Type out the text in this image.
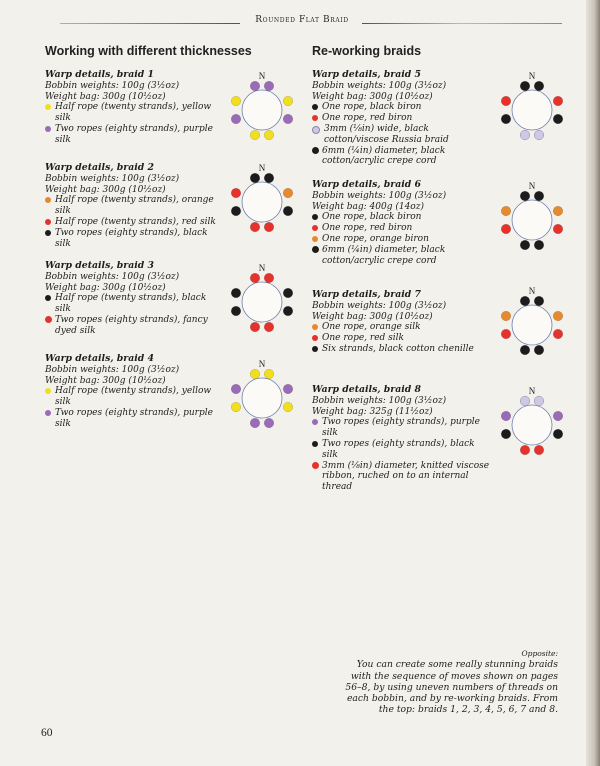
Rounded Flat Braid
Working with different thicknesses	Re-working braids
Warp details, braid 1
Bobbin weights: 100g (3½oz)
Weight bag: 300g (10½oz)
Half rope (twenty strands), yellow silk
Two ropes (eighty strands), purple silk
Warp details, braid 2
Bobbin weights: 100g (3½oz)
Weight bag: 300g (10½oz)
Half rope (twenty strands), orange silk
Half rope (twenty strands), red silk
Two ropes (eighty strands), black silk
Warp details, braid 3
Bobbin weights: 100g (3½oz)
Weight bag: 300g (10½oz)
Half rope (twenty strands), black silk
Two ropes (eighty strands), fancy dyed silk
Warp details, braid 4
Bobbin weights: 100g (3½oz)
Weight bag: 300g (10½oz)
Half rope (twenty strands), yellow silk
Two ropes (eighty strands), purple silk
Warp details, braid 5
Bobbin weights: 100g (3½oz)
Weight bag: 300g (10½oz)
One rope, black biron
One rope, red biron
3mm (⅛in) wide, black cotton/viscose Russia braid
6mm (¼in) diameter, black cotton/acrylic crepe cord
Warp details, braid 6
Bobbin weights: 100g (3½oz)
Weight bag: 400g (14oz)
One rope, black biron
One rope, red biron
One rope, orange biron
6mm (¼in) diameter, black cotton/acrylic crepe cord
Warp details, braid 7
Bobbin weights: 100g (3½oz)
Weight bag: 300g (10½oz)
One rope, orange silk
One rope, red silk
Six strands, black cotton chenille
Warp details, braid 8
Bobbin weights: 100g (3½oz)
Weight bag: 325g (11½oz)
Two ropes (eighty strands), purple silk
Two ropes (eighty strands), black silk
3mm (⅛in) diameter, knitted viscose ribbon, ruched on to an internal thread
N
N
N
N
N
N
N
N
Opposite:
You can create some really stunning braids with the sequence of moves shown on pages 56–8, by using uneven numbers of threads on each bobbin, and by re-working braids. From the top: braids 1, 2, 3, 4, 5, 6, 7 and 8.
60
